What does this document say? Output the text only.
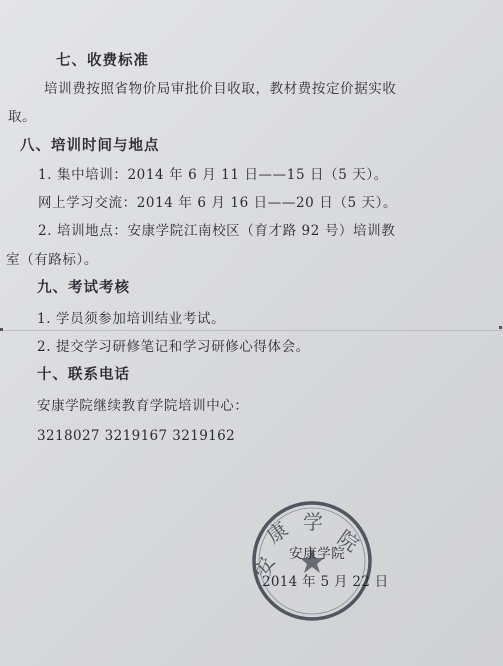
七、收费标准
培训费按照省物价局审批价目收取，教材费按定价据实收
取。
八、培训时间与地点
1. 集中培训：2014 年 6 月 11 日——15 日（5 天）。
网上学习交流：2014 年 6 月 16 日——20 日（5 天）。
2. 培训地点：安康学院江南校区（育才路 92 号）培训教
室（有路标）。
九、考试考核
1. 学员须参加培训结业考试。
2. 提交学习研修笔记和学习研修心得体会。
十、联系电话
安康学院继续教育学院培训中心：
3218027 3219167 3219162
安
康 学
院
安康学院
2014 年 5 月 22 日
